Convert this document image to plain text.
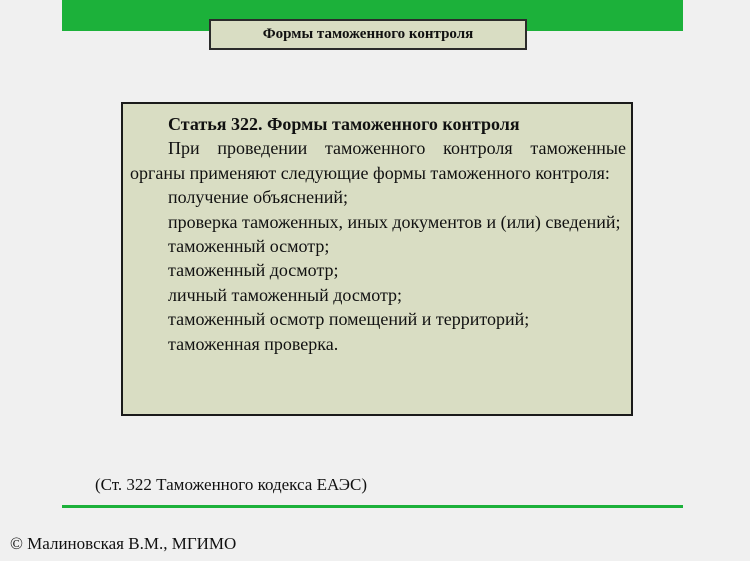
Формы таможенного контроля

Статья 322. Формы таможенного контроля

При проведении таможенного контроля таможенные органы применяют следующие формы таможенного контроля:

получение объяснений;

проверка таможенных, иных документов и (или) сведений;

таможенный осмотр;

таможенный досмотр;

личный таможенный досмотр;

таможенный осмотр помещений и территорий;

таможенная проверка.

(Ст. 322 Таможенного кодекса ЕАЭС)
© Малиновская В.М., МГИМО
